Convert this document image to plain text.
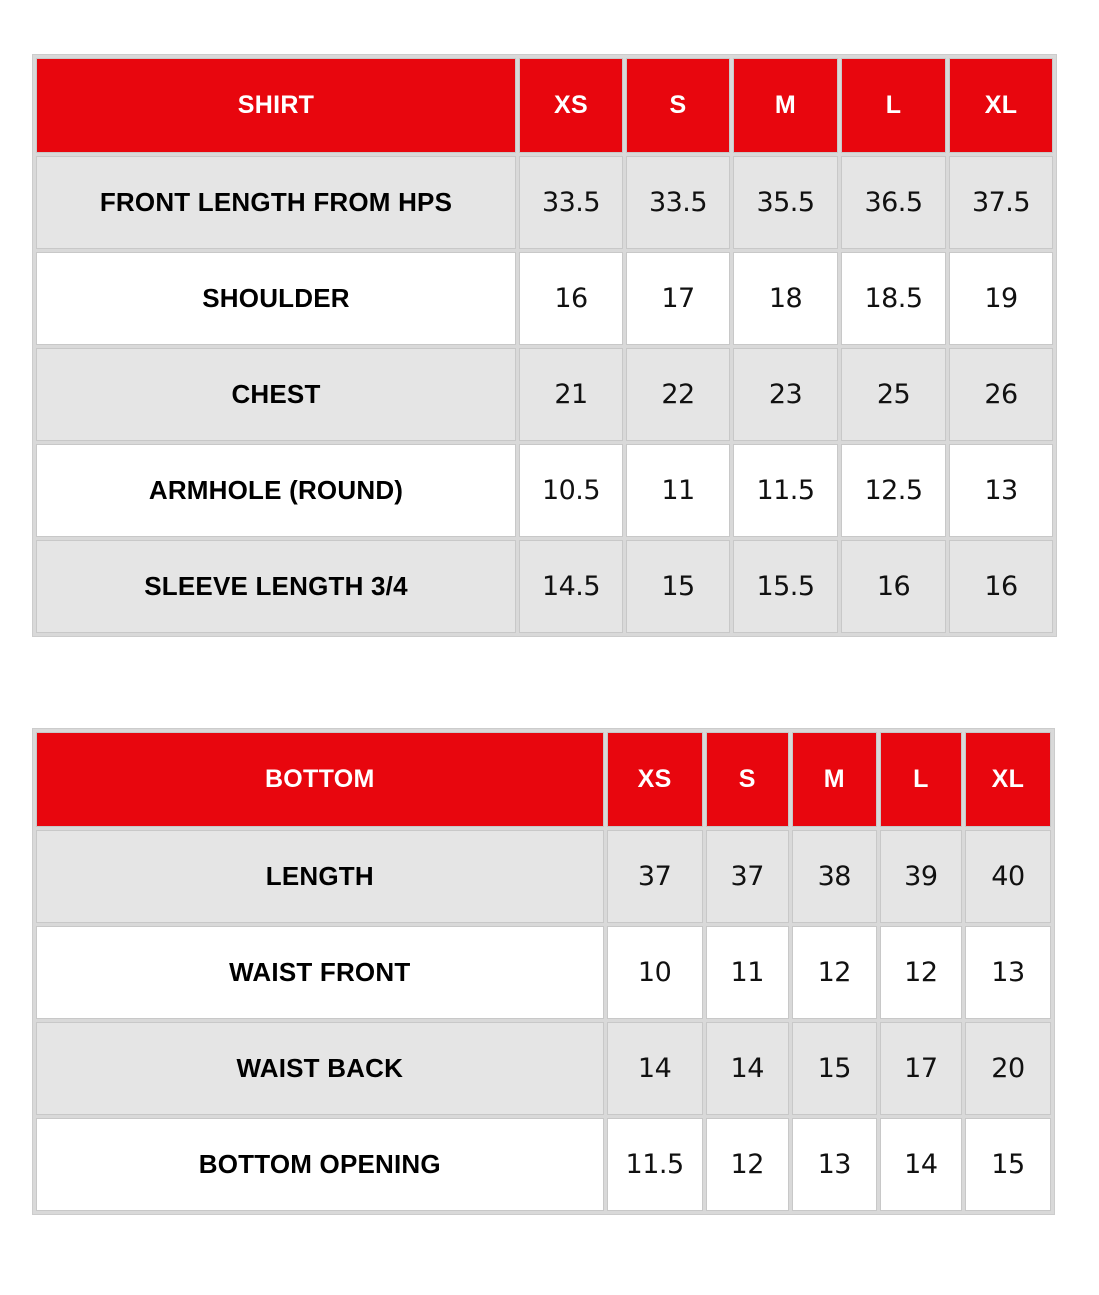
SHIRT	XS	S	M	L	XL
FRONT LENGTH FROM HPS	33.5	33.5	35.5	36.5	37.5
SHOULDER	16	17	18	18.5	19
CHEST	21	22	23	25	26
ARMHOLE (ROUND)	10.5	11	11.5	12.5	13
SLEEVE LENGTH 3/4	14.5	15	15.5	16	16
BOTTOM	XS	S	M	L	XL
LENGTH	37	37	38	39	40
WAIST FRONT	10	11	12	12	13
WAIST BACK	14	14	15	17	20
BOTTOM OPENING	11.5	12	13	14	15
